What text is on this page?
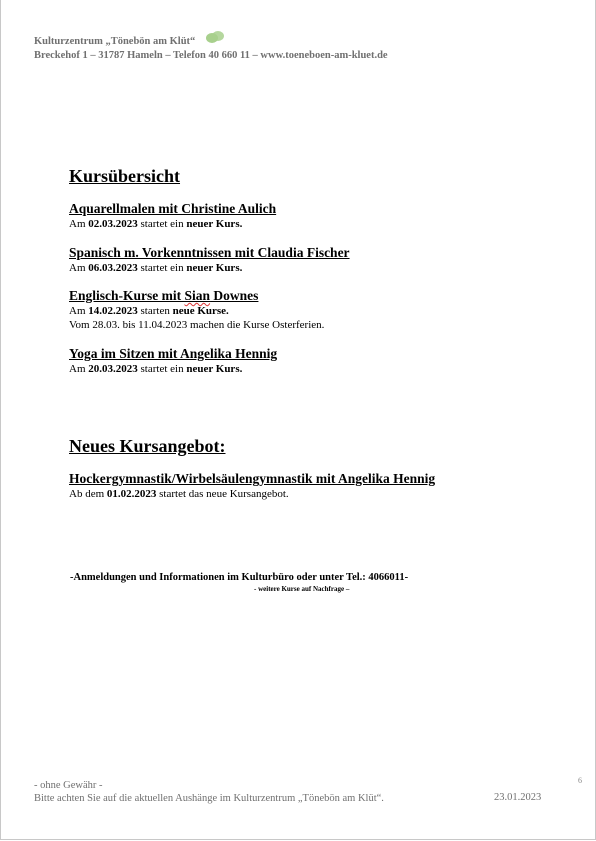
Kulturzentrum „Tönebön am Klüt“
Breckehof 1 – 31787 Hameln – Telefon 40 660 11 – www.toeneboen-am-kluet.de
Kursübersicht
Aquarellmalen mit Christine Aulich
Am 02.03.2023 startet ein neuer Kurs.
Spanisch m. Vorkenntnissen mit Claudia Fischer
Am 06.03.2023 startet ein neuer Kurs.
Englisch-Kurse mit Sian Downes
Am 14.02.2023 starten neue Kurse.
Vom 28.03. bis 11.04.2023 machen die Kurse Osterferien.
Yoga im Sitzen mit Angelika Hennig
Am 20.03.2023 startet ein neuer Kurs.
Neues Kursangebot:
Hockergymnastik/Wirbelsäulengymnastik mit Angelika Hennig
Ab dem 01.02.2023 startet das neue Kursangebot.
-Anmeldungen und Informationen im Kulturbüro oder unter Tel.: 4066011-
- weitere Kurse auf Nachfrage –
- ohne Gewähr -
Bitte achten Sie auf die aktuellen Aushänge im Kulturzentrum „Tönebön am Klüt“.	23.01.2023
6
